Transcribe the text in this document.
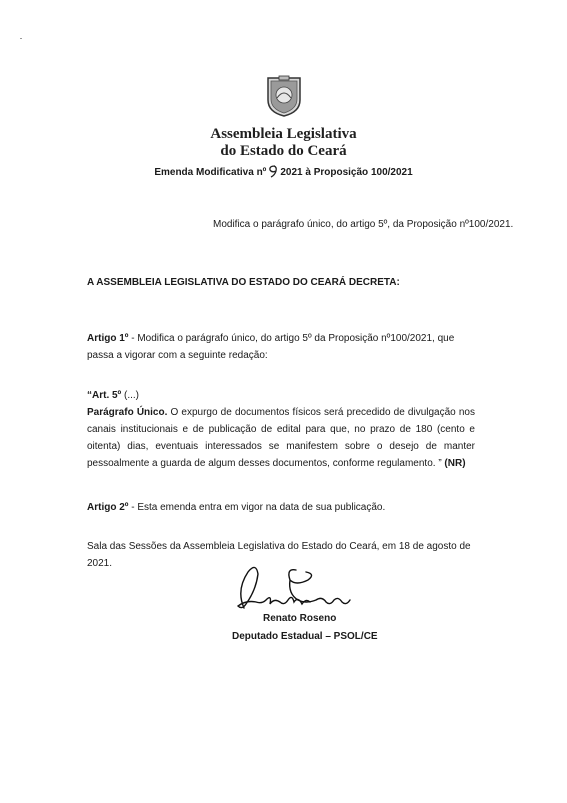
Assembleia Legislativa
do Estado do Ceará
Emenda Modificativa nº 2021 à Proposição 100/2021
Modifica o parágrafo único, do artigo 5º, da Proposição nº100/2021.
A ASSEMBLEIA LEGISLATIVA DO ESTADO DO CEARÁ DECRETA:
Artigo 1º - Modifica o parágrafo único, do artigo 5º da Proposição nº100/2021, que passa a vigorar com a seguinte redação:
“Art. 5º (...)
Parágrafo Único. O expurgo de documentos físicos será precedido de divulgação nos canais institucionais e de publicação de edital para que, no prazo de 180 (cento e oitenta) dias, eventuais interessados se manifestem sobre o desejo de manter pessoalmente a guarda de algum desses documentos, conforme regulamento. ” (NR)
Artigo 2º - Esta emenda entra em vigor na data de sua publicação.
Sala das Sessões da Assembleia Legislativa do Estado do Ceará, em 18 de agosto de 2021.
Renato Roseno
Deputado Estadual – PSOL/CE
